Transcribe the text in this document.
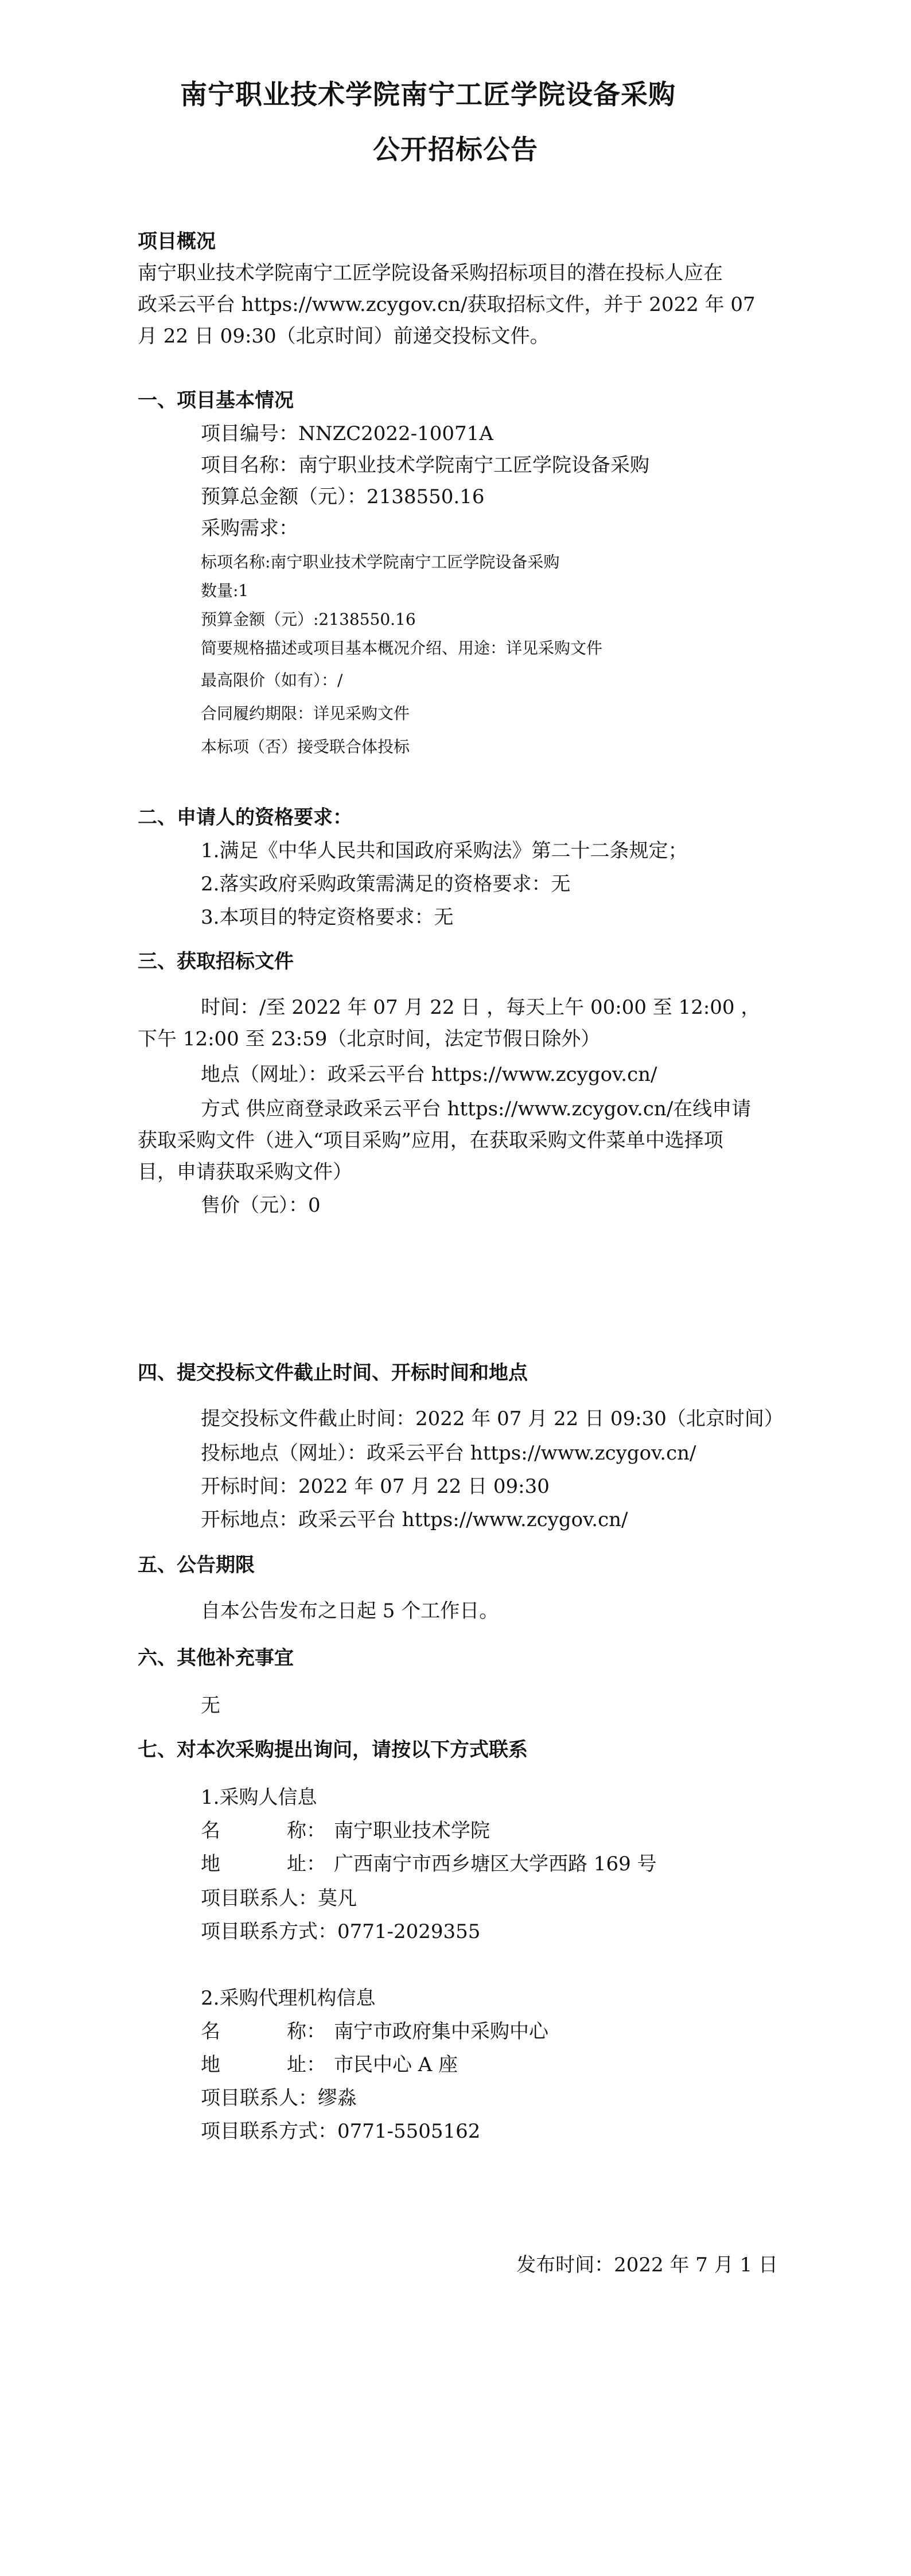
南宁职业技术学院南宁工匠学院设备采购
公开招标公告
项目概况
南宁职业技术学院南宁工匠学院设备采购招标项目的潜在投标人应在
政采云平台 https://www.zcygov.cn/获取招标文件，并于 2022 年 07
月 22 日 09:30（北京时间）前递交投标文件。
一、项目基本情况
项目编号：NNZC2022-10071A
项目名称：南宁职业技术学院南宁工匠学院设备采购
预算总金额（元）：2138550.16
采购需求：
标项名称:南宁职业技术学院南宁工匠学院设备采购
数量:1
预算金额（元）:2138550.16
简要规格描述或项目基本概况介绍、用途：详见采购文件
最高限价（如有）：/
合同履约期限：详见采购文件
本标项（否）接受联合体投标
二、申请人的资格要求：
1.满足《中华人民共和国政府采购法》第二十二条规定；
2.落实政府采购政策需满足的资格要求：无
3.本项目的特定资格要求：无
三、获取招标文件
时间：/至 2022 年 07 月 22 日 ，每天上午 00:00 至 12:00 ，
下午 12:00 至 23:59（北京时间，法定节假日除外）
地点（网址）：政采云平台 https://www.zcygov.cn/
方式 供应商登录政采云平台 https://www.zcygov.cn/在线申请
获取采购文件（进入“项目采购”应用，在获取采购文件菜单中选择项
目，申请获取采购文件）
售价（元）：0
四、提交投标文件截止时间、开标时间和地点
提交投标文件截止时间：2022 年 07 月 22 日 09:30（北京时间）
投标地点（网址）：政采云平台 https://www.zcygov.cn/
开标时间：2022 年 07 月 22 日 09:30
开标地点：政采云平台 https://www.zcygov.cn/
五、公告期限
自本公告发布之日起 5 个工作日。
六、其他补充事宜
无
七、对本次采购提出询问，请按以下方式联系
1.采购人信息
名	称： 南宁职业技术学院
地	址： 广西南宁市西乡塘区大学西路 169 号
项目联系人：莫凡
项目联系方式：0771-2029355
2.采购代理机构信息
名	称： 南宁市政府集中采购中心
地	址： 市民中心 A 座
项目联系人：缪淼
项目联系方式：0771-5505162
发布时间：2022 年 7 月 1 日
